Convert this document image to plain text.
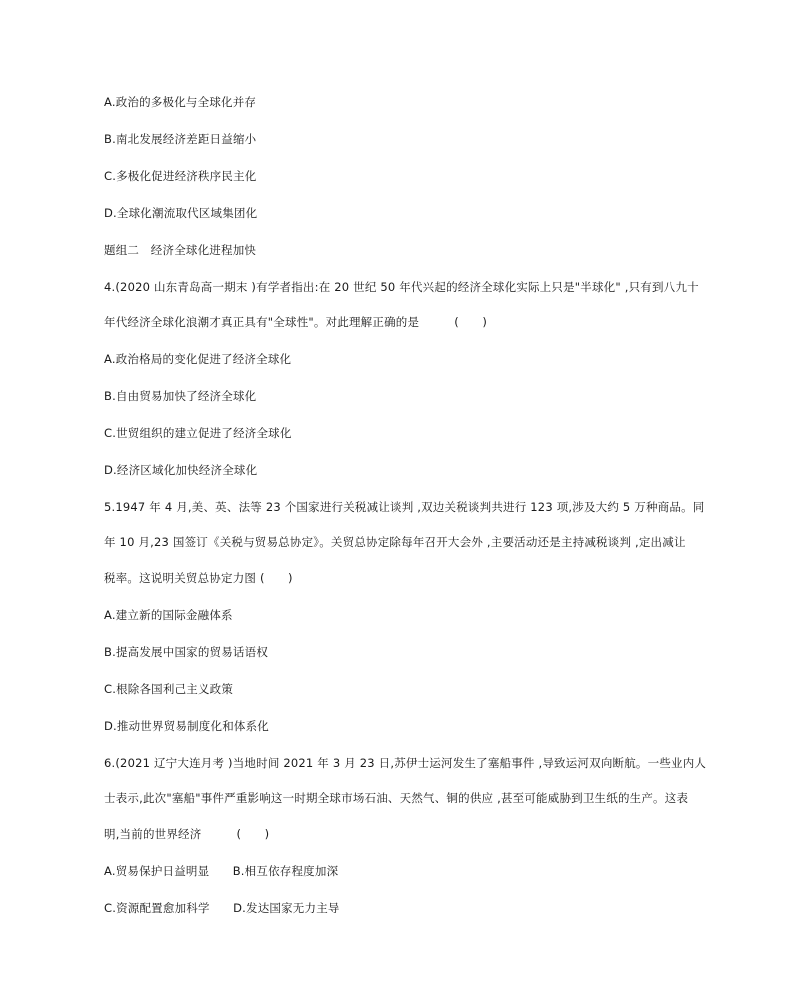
A.政治的多极化与全球化并存
B.南北发展经济差距日益缩小
C.多极化促进经济秩序民主化
D.全球化潮流取代区域集团化
题组二　经济全球化进程加快
4.(2020 山东青岛高一期末 )有学者指出:在 20 世纪 50 年代兴起的经济全球化实际上只是"半球化" ,只有到八九十
年代经济全球化浪潮才真正具有"全球性"。对此理解正确的是　　　(　　)
A.政治格局的变化促进了经济全球化
B.自由贸易加快了经济全球化
C.世贸组织的建立促进了经济全球化
D.经济区域化加快经济全球化
5.1947 年 4 月,美、英、法等 23 个国家进行关税减让谈判 ,双边关税谈判共进行 123 项,涉及大约 5 万种商品。同
年 10 月,23 国签订《关税与贸易总协定》。关贸总协定除每年召开大会外 ,主要活动还是主持减税谈判 ,定出减让
税率。这说明关贸总协定力图 (　　)
A.建立新的国际金融体系
B.提高发展中国家的贸易话语权
C.根除各国利己主义政策
D.推动世界贸易制度化和体系化
6.(2021 辽宁大连月考 )当地时间 2021 年 3 月 23 日,苏伊士运河发生了塞船事件 ,导致运河双向断航。一些业内人
士表示,此次"塞船"事件严重影响这一时期全球市场石油、天然气、铜的供应 ,甚至可能威胁到卫生纸的生产。这表
明,当前的世界经济　　　(　　)
A.贸易保护日益明显　　B.相互依存程度加深
C.资源配置愈加科学　　D.发达国家无力主导
